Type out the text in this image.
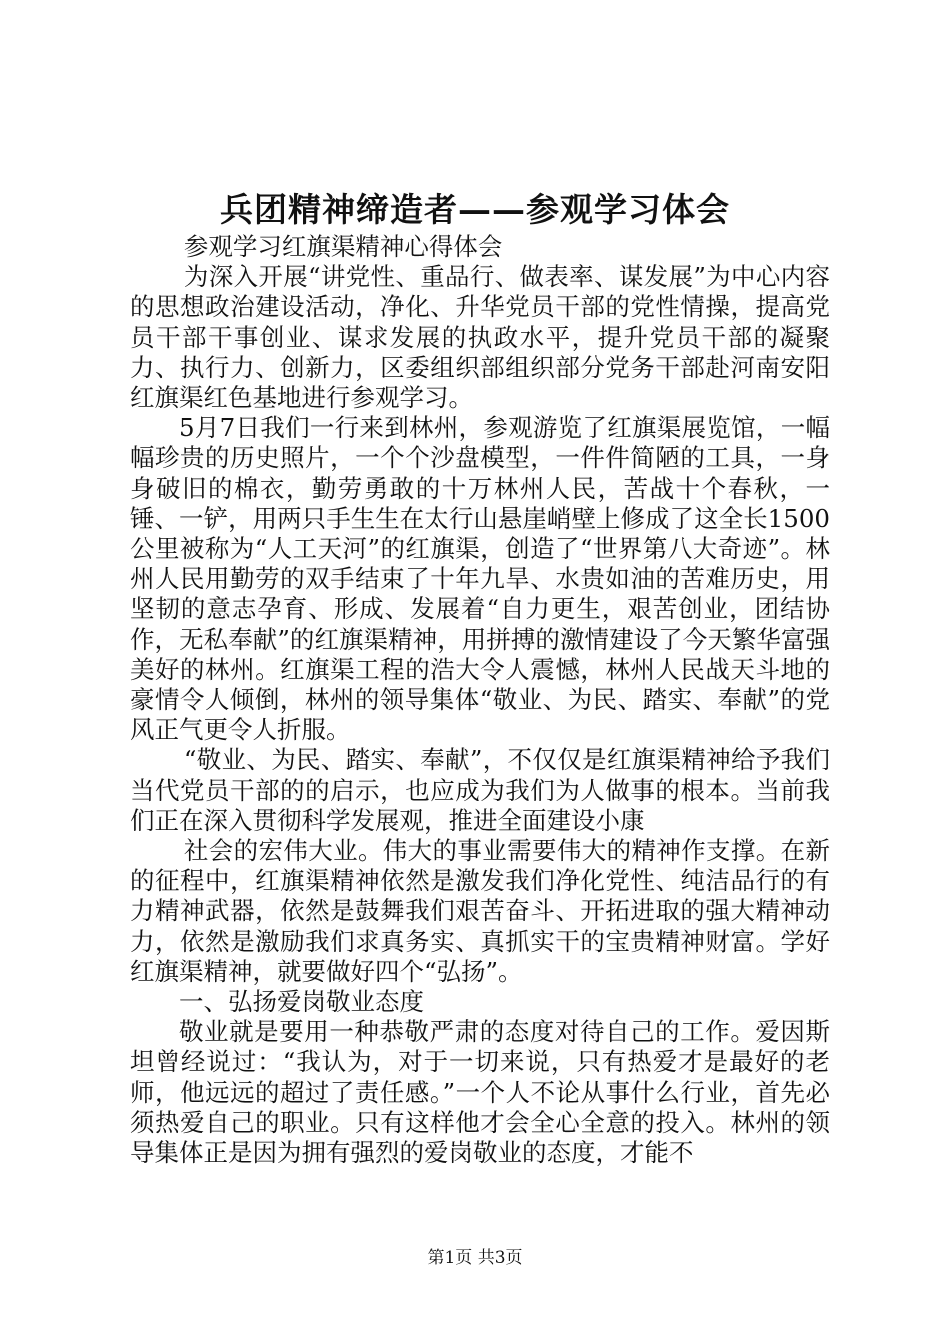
兵团精神缔造者——参观学习体会

参观学习红旗渠精神心得体会

为深入开展“讲党性、重品行、做表率、谋发展”为中心内容的思想政治建设活动，净化、升华党员干部的党性情操，提高党员干部干事创业、谋求发展的执政水平，提升党员干部的凝聚力、执行力、创新力，区委组织部组织部分党务干部赴河南安阳红旗渠红色基地进行参观学习。

5月7日我们一行来到林州，参观游览了红旗渠展览馆，一幅幅珍贵的历史照片，一个个沙盘模型，一件件简陋的工具，一身身破旧的棉衣，勤劳勇敢的十万林州人民，苦战十个春秋，一锤、一铲，用两只手生生在太行山悬崖峭壁上修成了这全长1500公里被称为“人工天河”的红旗渠，创造了“世界第八大奇迹”。林州人民用勤劳的双手结束了十年九旱、水贵如油的苦难历史，用坚韧的意志孕育、形成、发展着“自力更生，艰苦创业，团结协作，无私奉献”的红旗渠精神，用拼搏的激情建设了今天繁华富强美好的林州。红旗渠工程的浩大令人震憾，林州人民战天斗地的豪情令人倾倒，林州的领导集体“敬业、为民、踏实、奉献”的党风正气更令人折服。

“敬业、为民、踏实、奉献”，不仅仅是红旗渠精神给予我们当代党员干部的的启示，也应成为我们为人做事的根本。当前我们正在深入贯彻科学发展观，推进全面建设小康

社会的宏伟大业。伟大的事业需要伟大的精神作支撑。在新的征程中，红旗渠精神依然是激发我们净化党性、纯洁品行的有力精神武器，依然是鼓舞我们艰苦奋斗、开拓进取的强大精神动力，依然是激励我们求真务实、真抓实干的宝贵精神财富。学好红旗渠精神，就要做好四个“弘扬”。

一、弘扬爱岗敬业态度

敬业就是要用一种恭敬严肃的态度对待自己的工作。爱因斯坦曾经说过：“我认为，对于一切来说，只有热爱才是最好的老师，他远远的超过了责任感。”一个人不论从事什么行业，首先必须热爱自己的职业。只有这样他才会全心全意的投入。林州的领导集体正是因为拥有强烈的爱岗敬业的态度，才能不

第1页 共3页
